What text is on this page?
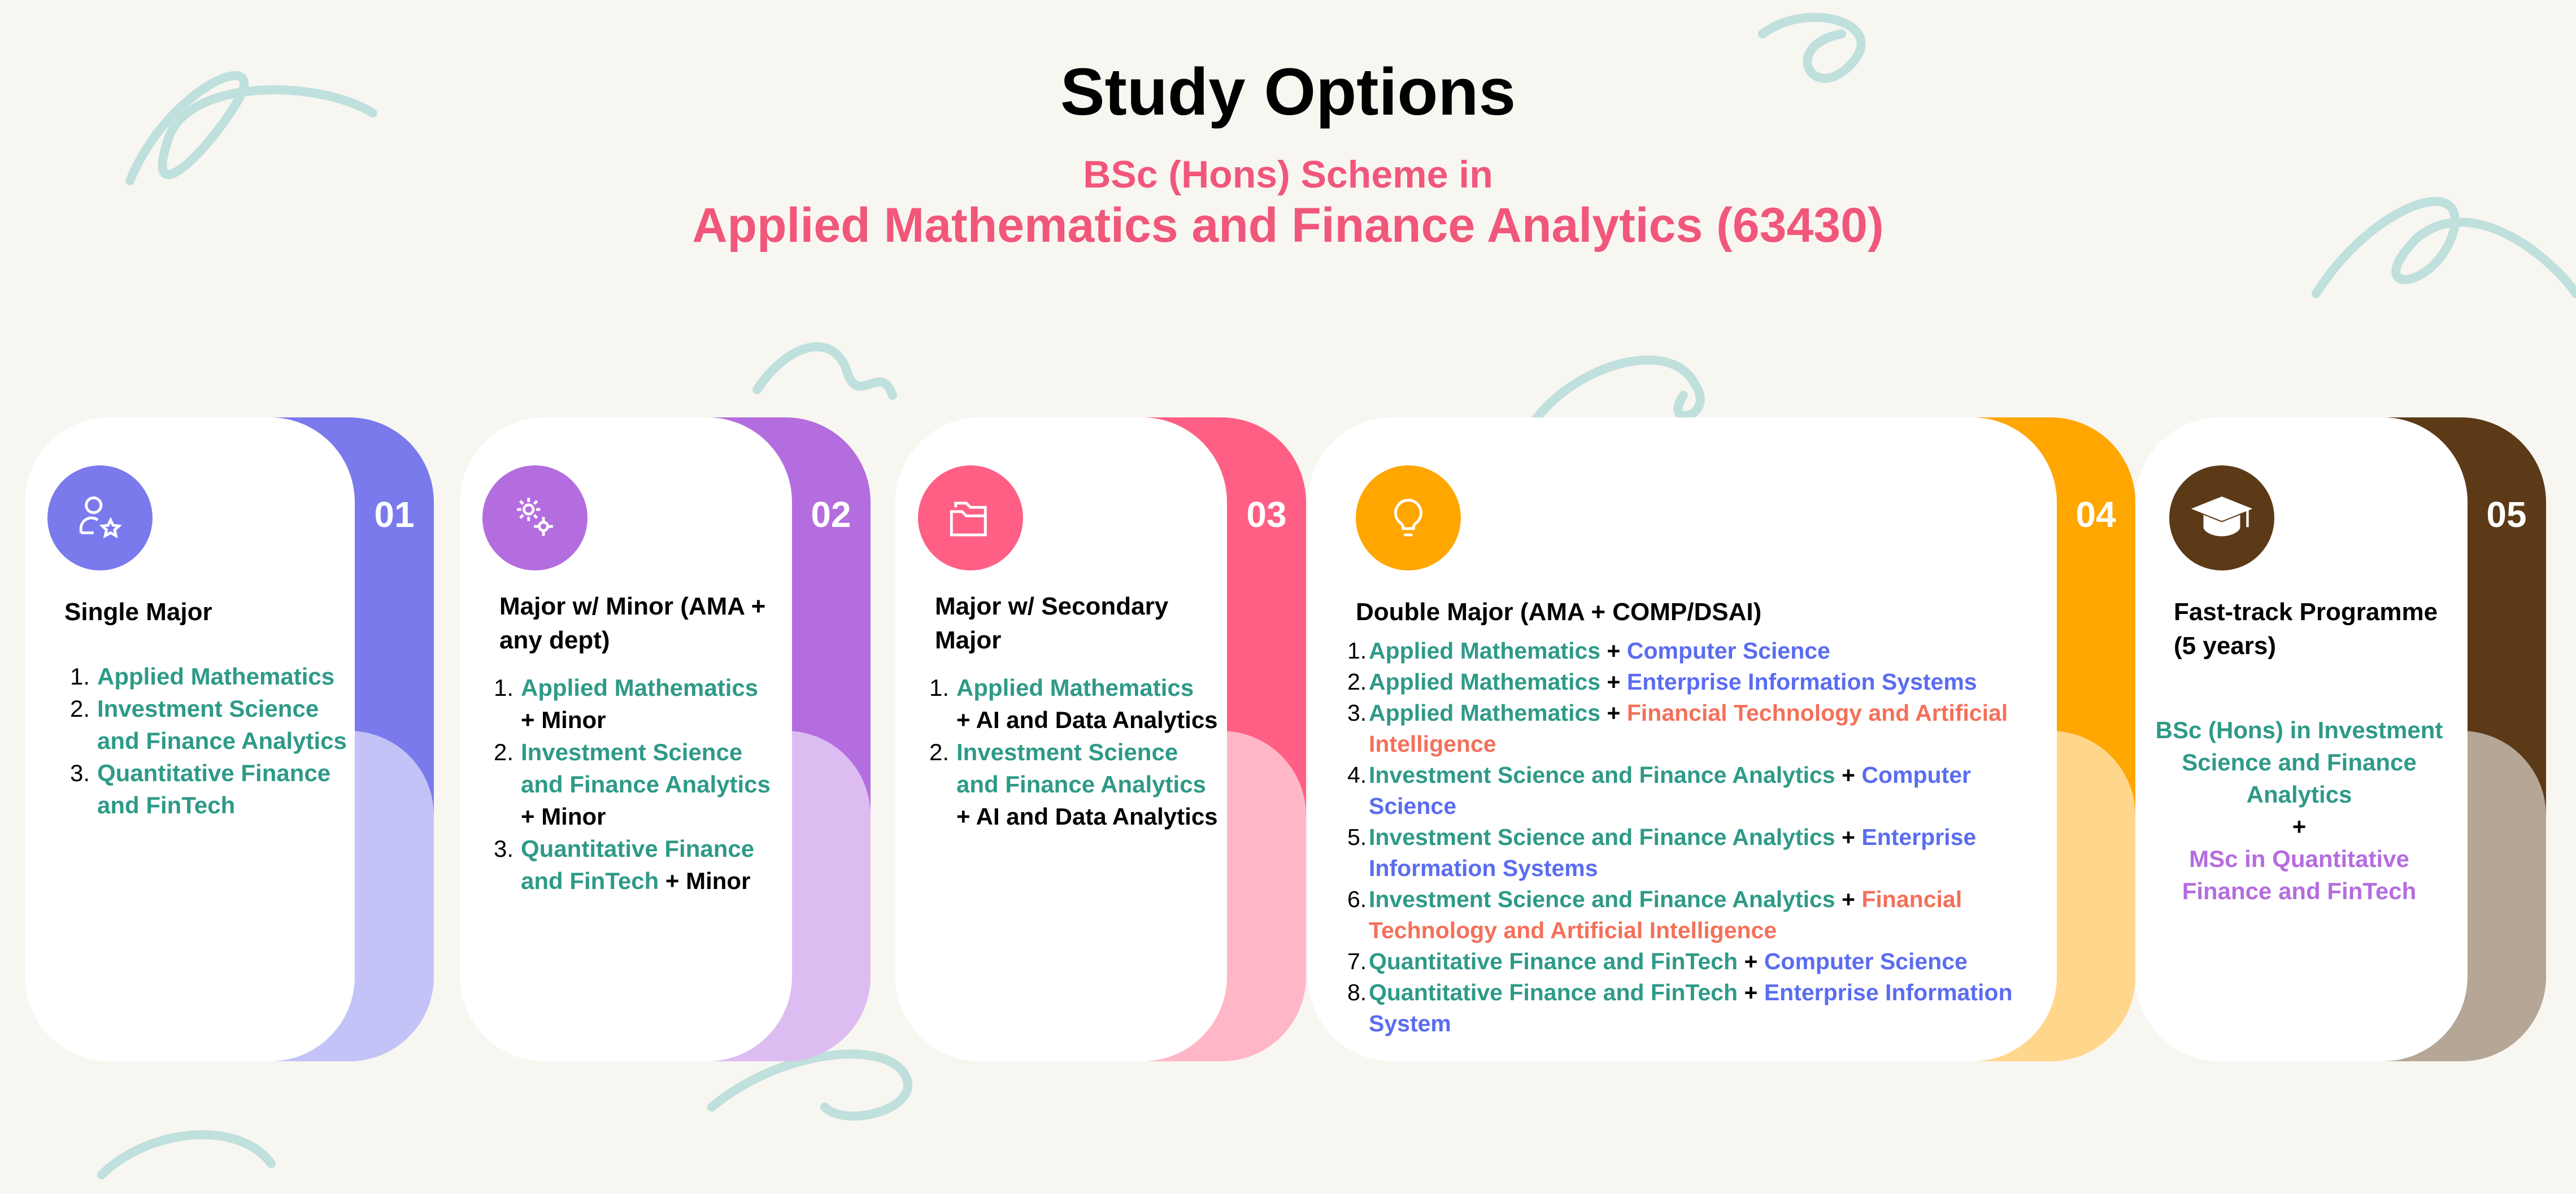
Study Options
BSc (Hons) Scheme in
Applied Mathematics and Finance Analytics (63430)
01
Single Major
1. Applied Mathematics
2. Investment Science and Finance Analytics
3. Quantitative Finance and FinTech
02
Major w/ Minor (AMA + any dept)
1. Applied Mathematics
+ Minor
2. Investment Science and Finance Analytics
+ Minor
3. Quantitative Finance and FinTech + Minor
03
Major w/ Secondary Major
1. Applied Mathematics
+ AI and Data Analytics
2. Investment Science and Finance Analytics
+ AI and Data Analytics
04
Double Major (AMA + COMP/DSAI)
1. Applied Mathematics + Computer Science
2. Applied Mathematics + Enterprise Information Systems
3. Applied Mathematics + Financial Technology and Artificial Intelligence
4. Investment Science and Finance Analytics + Computer Science
5. Investment Science and Finance Analytics + Enterprise Information Systems
6. Investment Science and Finance Analytics + Financial Technology and Artificial Intelligence
7. Quantitative Finance and FinTech + Computer Science
8. Quantitative Finance and FinTech + Enterprise Information System
05
Fast-track Programme (5 years)
BSc (Hons) in Investment Science and Finance Analytics
+
MSc in Quantitative Finance and FinTech
